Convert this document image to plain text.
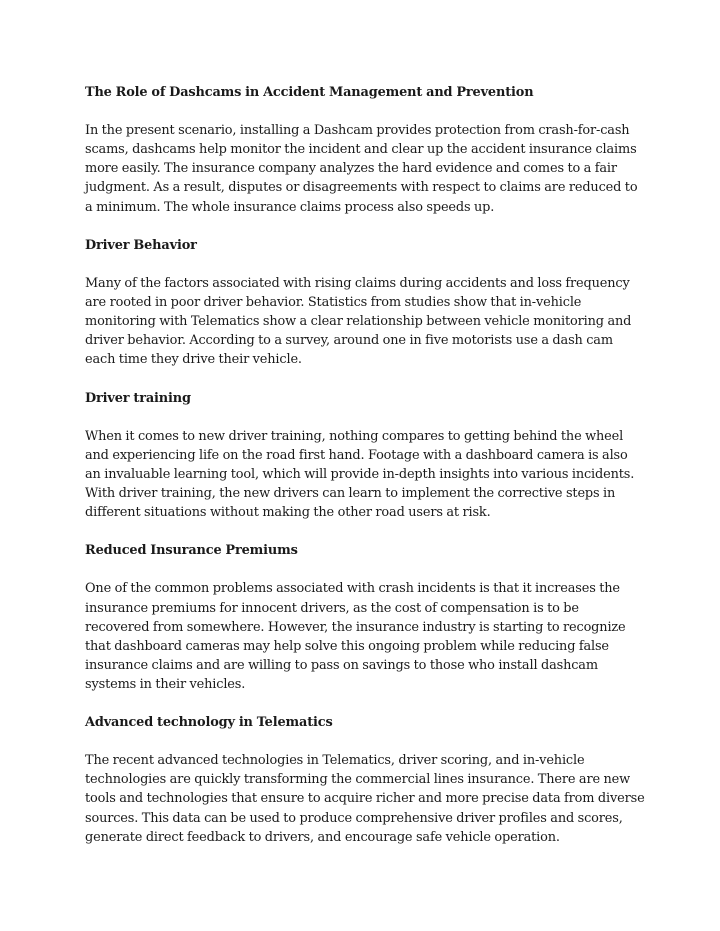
The Role of Dashcams in Accident Management and Prevention

In the present scenario, installing a Dashcam provides protection from crash-for-cash scams, dashcams help monitor the incident and clear up the accident insurance claims more easily. The insurance company analyzes the hard evidence and comes to a fair judgment. As a result, disputes or disagreements with respect to claims are reduced to a minimum. The whole insurance claims process also speeds up.

Driver Behavior

Many of the factors associated with rising claims during accidents and loss frequency are rooted in poor driver behavior. Statistics from studies show that in-vehicle monitoring with Telematics show a clear relationship between vehicle monitoring and driver behavior. According to a survey, around one in five motorists use a dash cam each time they drive their vehicle.

Driver training

When it comes to new driver training, nothing compares to getting behind the wheel and experiencing life on the road first hand. Footage with a dashboard camera is also an invaluable learning tool, which will provide in-depth insights into various incidents. With driver training, the new drivers can learn to implement the corrective steps in different situations without making the other road users at risk.

Reduced Insurance Premiums

One of the common problems associated with crash incidents is that it increases the insurance premiums for innocent drivers, as the cost of compensation is to be recovered from somewhere. However, the insurance industry is starting to recognize that dashboard cameras may help solve this ongoing problem while reducing false insurance claims and are willing to pass on savings to those who install dashcam systems in their vehicles.

Advanced technology in Telematics

The recent advanced technologies in Telematics, driver scoring, and in-vehicle technologies are quickly transforming the commercial lines insurance. There are new tools and technologies that ensure to acquire richer and more precise data from diverse sources. This data can be used to produce comprehensive driver profiles and scores, generate direct feedback to drivers, and encourage safe vehicle operation.
